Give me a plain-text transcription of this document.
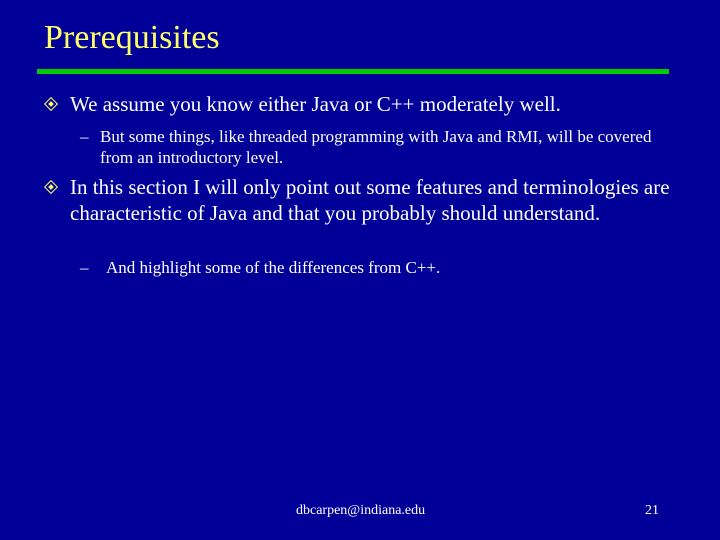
Prerequisites
We assume you know either Java or C++ moderately well.
– But some things, like threaded programming with Java and RMI, will be covered from an introductory level.
In this section I will only point out some features and terminologies are characteristic of Java and that you probably should understand.
– And highlight some of the differences from C++.
dbcarpen@indiana.edu	21
